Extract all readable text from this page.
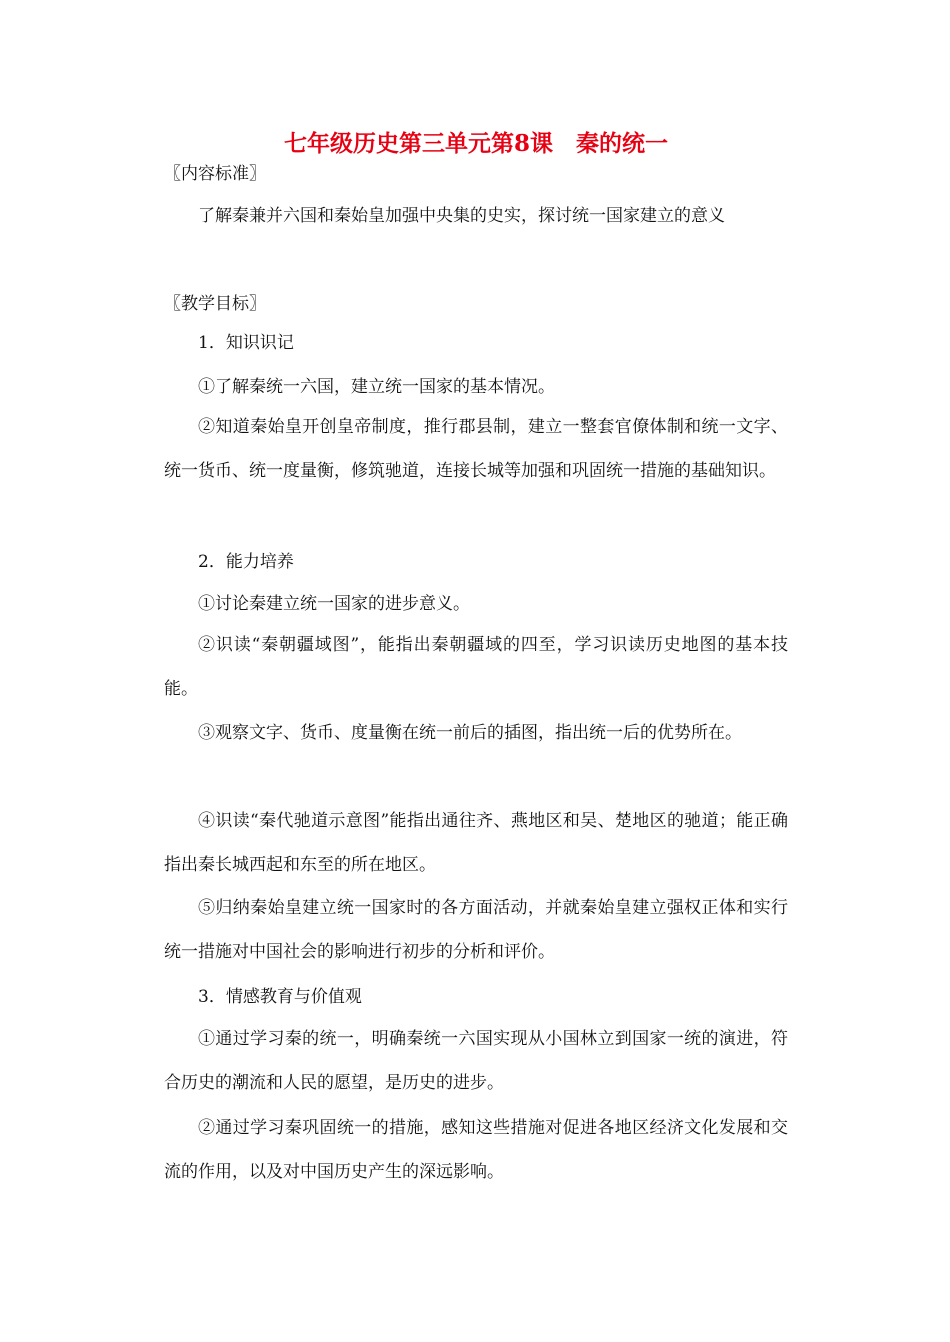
七年级历史第三单元第8课　秦的统一
〖内容标准〗

了解秦兼并六国和秦始皇加强中央集的史实，探讨统一国家建立的意义

〖教学目标〗

1．知识识记

①了解秦统一六国，建立统一国家的基本情况。

②知道秦始皇开创皇帝制度，推行郡县制，建立一整套官僚体制和统一文字、统一货币、统一度量衡，修筑驰道，连接长城等加强和巩固统一措施的基础知识。

2．能力培养

①讨论秦建立统一国家的进步意义。

②识读“秦朝疆域图”，能指出秦朝疆域的四至，学习识读历史地图的基本技能。

③观察文字、货币、度量衡在统一前后的插图，指出统一后的优势所在。

④识读“秦代驰道示意图”能指出通往齐、燕地区和吴、楚地区的驰道；能正确指出秦长城西起和东至的所在地区。

⑤归纳秦始皇建立统一国家时的各方面活动，并就秦始皇建立强权正体和实行统一措施对中国社会的影响进行初步的分析和评价。

3．情感教育与价值观

①通过学习秦的统一，明确秦统一六国实现从小国林立到国家一统的演进，符合历史的潮流和人民的愿望，是历史的进步。

②通过学习秦巩固统一的措施，感知这些措施对促进各地区经济文化发展和交流的作用，以及对中国历史产生的深远影响。
